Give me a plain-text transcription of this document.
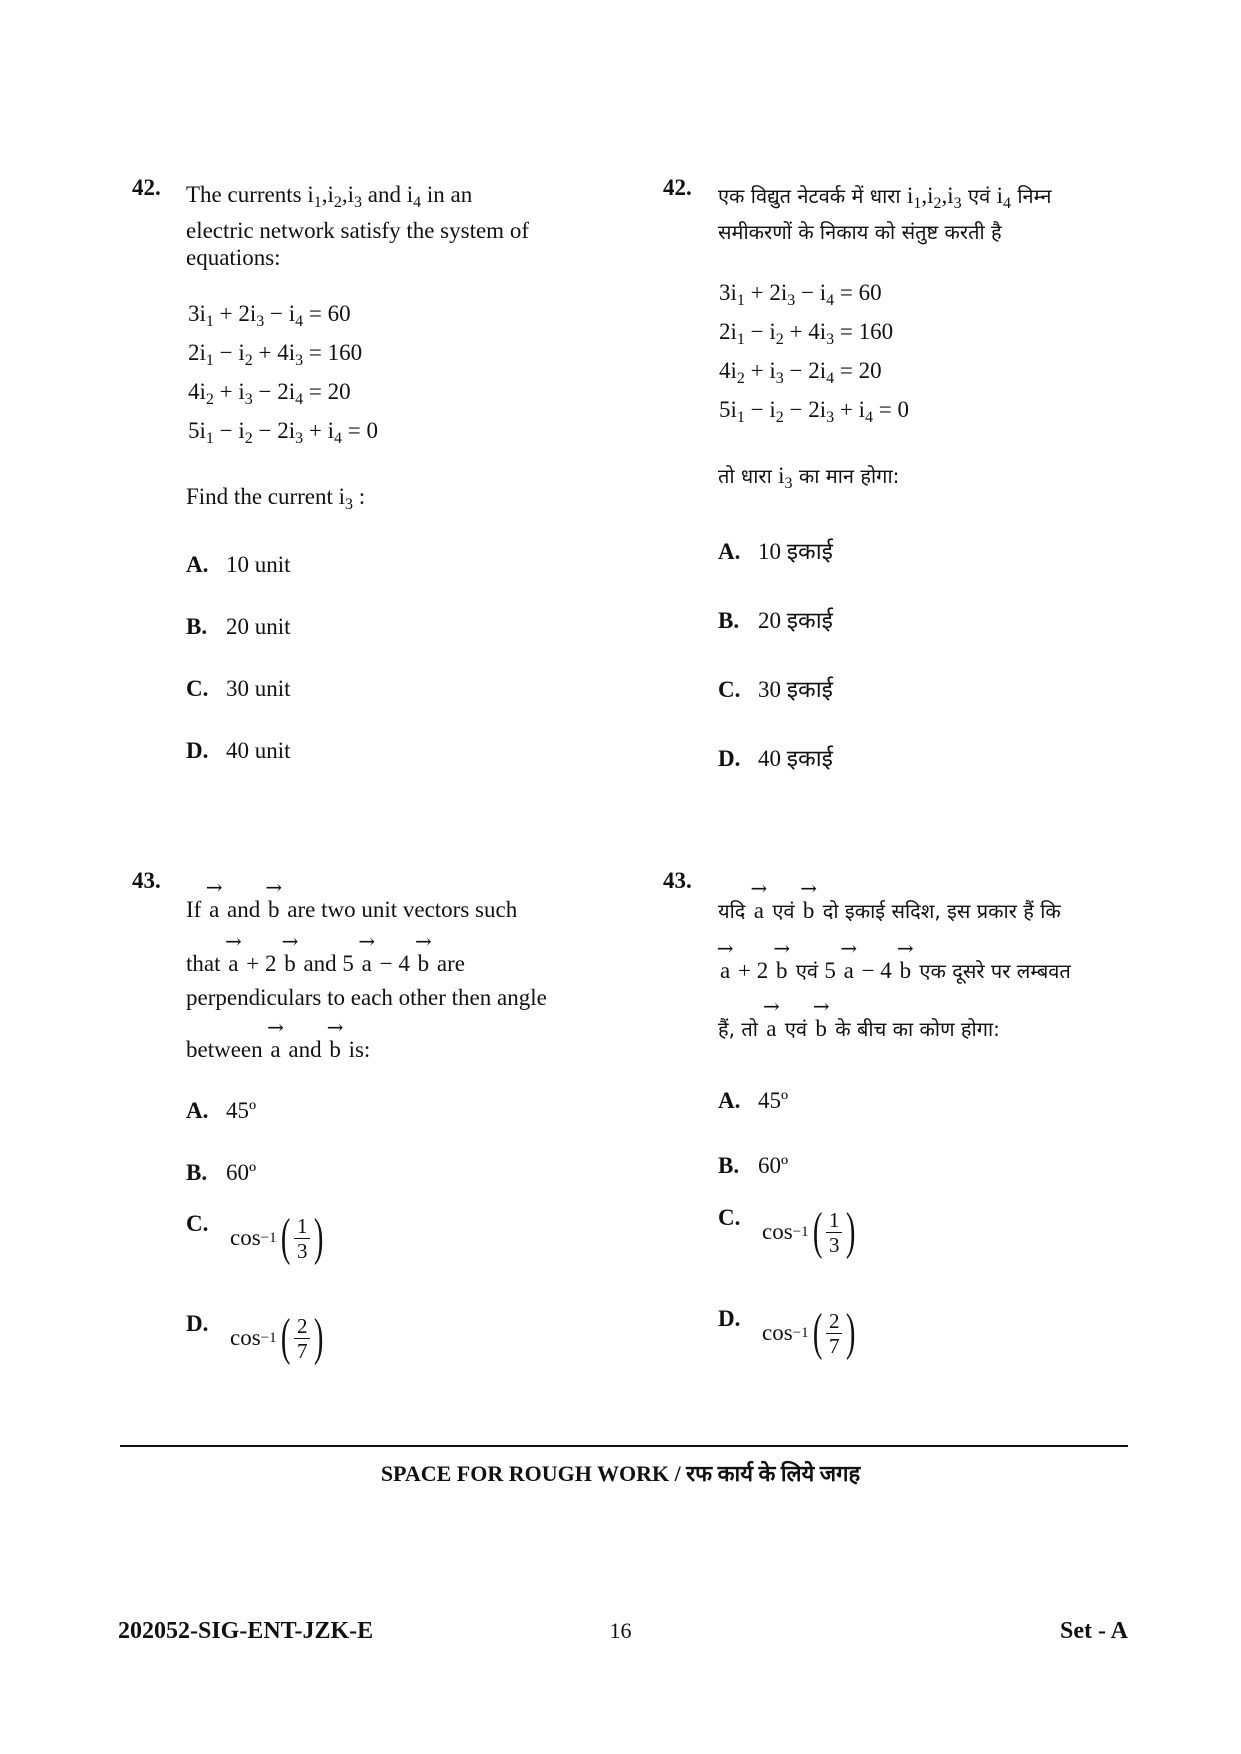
42. The currents $i_1,i_2,i_3$ and $i_4$ in an
electric network satisfy the system of
equations:
$3i_1 + 2i_3 - i_4 = 60$
$2i_1 - i_2 + 4i_3 = 160$
$4i_2 + i_3 - 2i_4 = 20$
$5i_1 - i_2 - 2i_3 + i_4 = 0$
Find the current $i_3$ :
A. 10 unit
B. 20 unit
C. 30 unit
D. 40 unit
43.
If → a and → b are two unit vectors such
that → a + 2 → b and 5 → a − 4 → b are
perpendiculars to each other then angle
between → a and → b is:
A. 45º
B. 60º
C.
cos −1 ( $\frac{1}{3}$ )
D.
cos −1 ( $\frac{2}{7}$ )
42. एक विद्युत नेटवर्क में धारा $i_1,i_2,i_3$ एवं $i_4$ निम्न
समीकरणों के निकाय को संतुष्ट करती है
$3i_1 + 2i_3 - i_4 = 60$
$2i_1 - i_2 + 4i_3 = 160$
$4i_2 + i_3 - 2i_4 = 20$
$5i_1 - i_2 - 2i_3 + i_4 = 0$
तो धारा $i_3$ का मान होगा:
A. 10 इकाई
B. 20 इकाई
C. 30 इकाई
D. 40 इकाई
43.
यदि → a एवं → b दो इकाई सदिश, इस प्रकार हैं कि
→ a + 2 → b एवं 5 → a − 4 → b एक दूसरे पर लम्बवत
हैं, तो → a एवं → b के बीच का कोण होगा:
A. 45º
B. 60º
C.
cos −1 ( $\frac{1}{3}$ )
D.
cos −1 ( $\frac{2}{7}$ )
SPACE FOR ROUGH WORK / रफ कार्य के लिये जगह
202052-SIG-ENT-JZK-E	16	Set - A
